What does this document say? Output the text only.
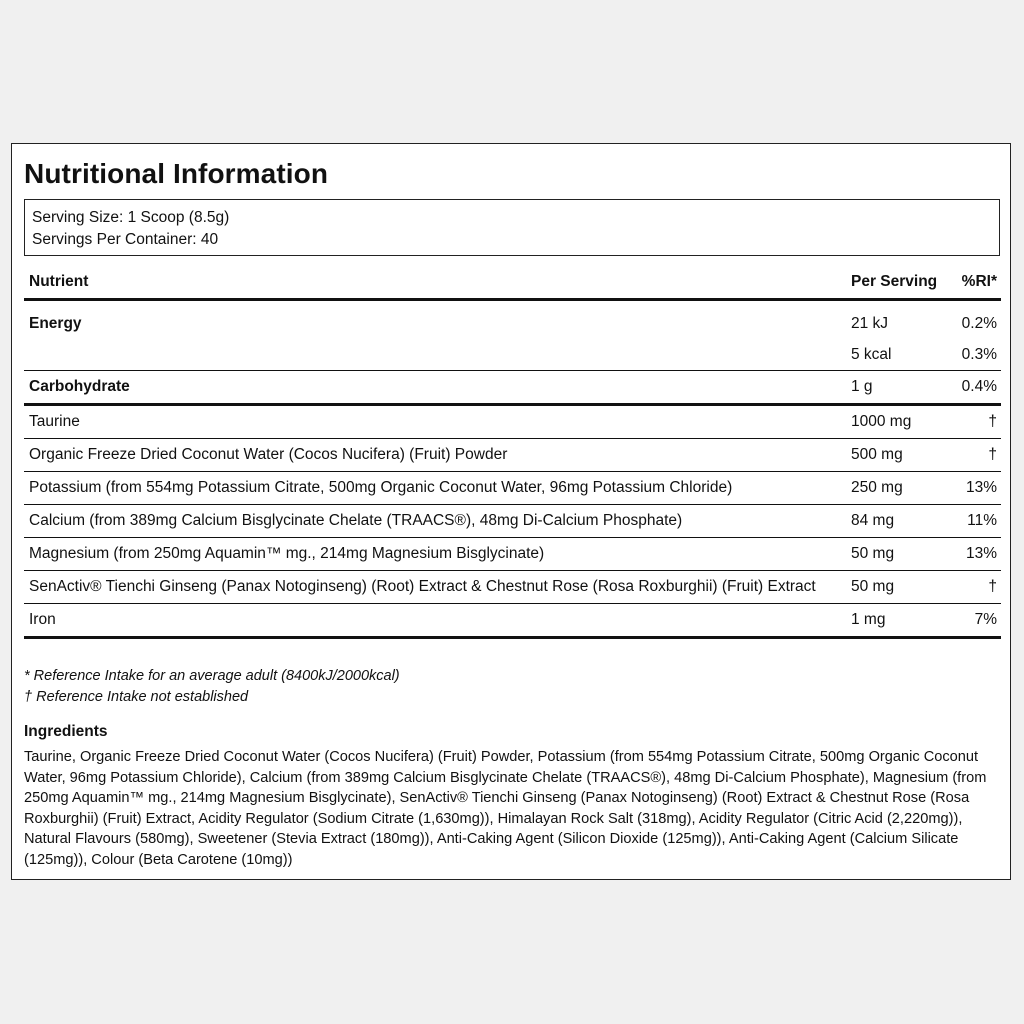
Nutritional Information
Serving Size: 1 Scoop (8.5g)
Servings Per Container: 40
Nutrient	Per Serving	%RI*
Energy	21 kJ	0.2%
	5 kcal	0.3%
Carbohydrate	1 g	0.4%
Taurine	1000 mg	†
Organic Freeze Dried Coconut Water (Cocos Nucifera) (Fruit) Powder	500 mg	†
Potassium (from 554mg Potassium Citrate, 500mg Organic Coconut Water, 96mg Potassium Chloride)	250 mg	13%
Calcium (from 389mg Calcium Bisglycinate Chelate (TRAACS®), 48mg Di-Calcium Phosphate)	84 mg	11%
Magnesium (from 250mg Aquamin™ mg., 214mg Magnesium Bisglycinate)	50 mg	13%
SenActiv® Tienchi Ginseng (Panax Notoginseng) (Root) Extract & Chestnut Rose (Rosa Roxburghii) (Fruit) Extract	50 mg	†
Iron	1 mg	7%
* Reference Intake for an average adult (8400kJ/2000kcal)
† Reference Intake not established
Ingredients
Taurine, Organic Freeze Dried Coconut Water (Cocos Nucifera) (Fruit) Powder, Potassium (from 554mg Potassium Citrate, 500mg Organic Coconut Water, 96mg Potassium Chloride), Calcium (from 389mg Calcium Bisglycinate Chelate (TRAACS®), 48mg Di-Calcium Phosphate), Magnesium (from 250mg Aquamin™ mg., 214mg Magnesium Bisglycinate), SenActiv® Tienchi Ginseng (Panax Notoginseng) (Root) Extract & Chestnut Rose (Rosa Roxburghii) (Fruit) Extract, Acidity Regulator (Sodium Citrate (1,630mg)), Himalayan Rock Salt (318mg), Acidity Regulator (Citric Acid (2,220mg)), Natural Flavours (580mg), Sweetener (Stevia Extract (180mg)), Anti-Caking Agent (Silicon Dioxide (125mg)), Anti-Caking Agent (Calcium Silicate (125mg)), Colour (Beta Carotene (10mg))
